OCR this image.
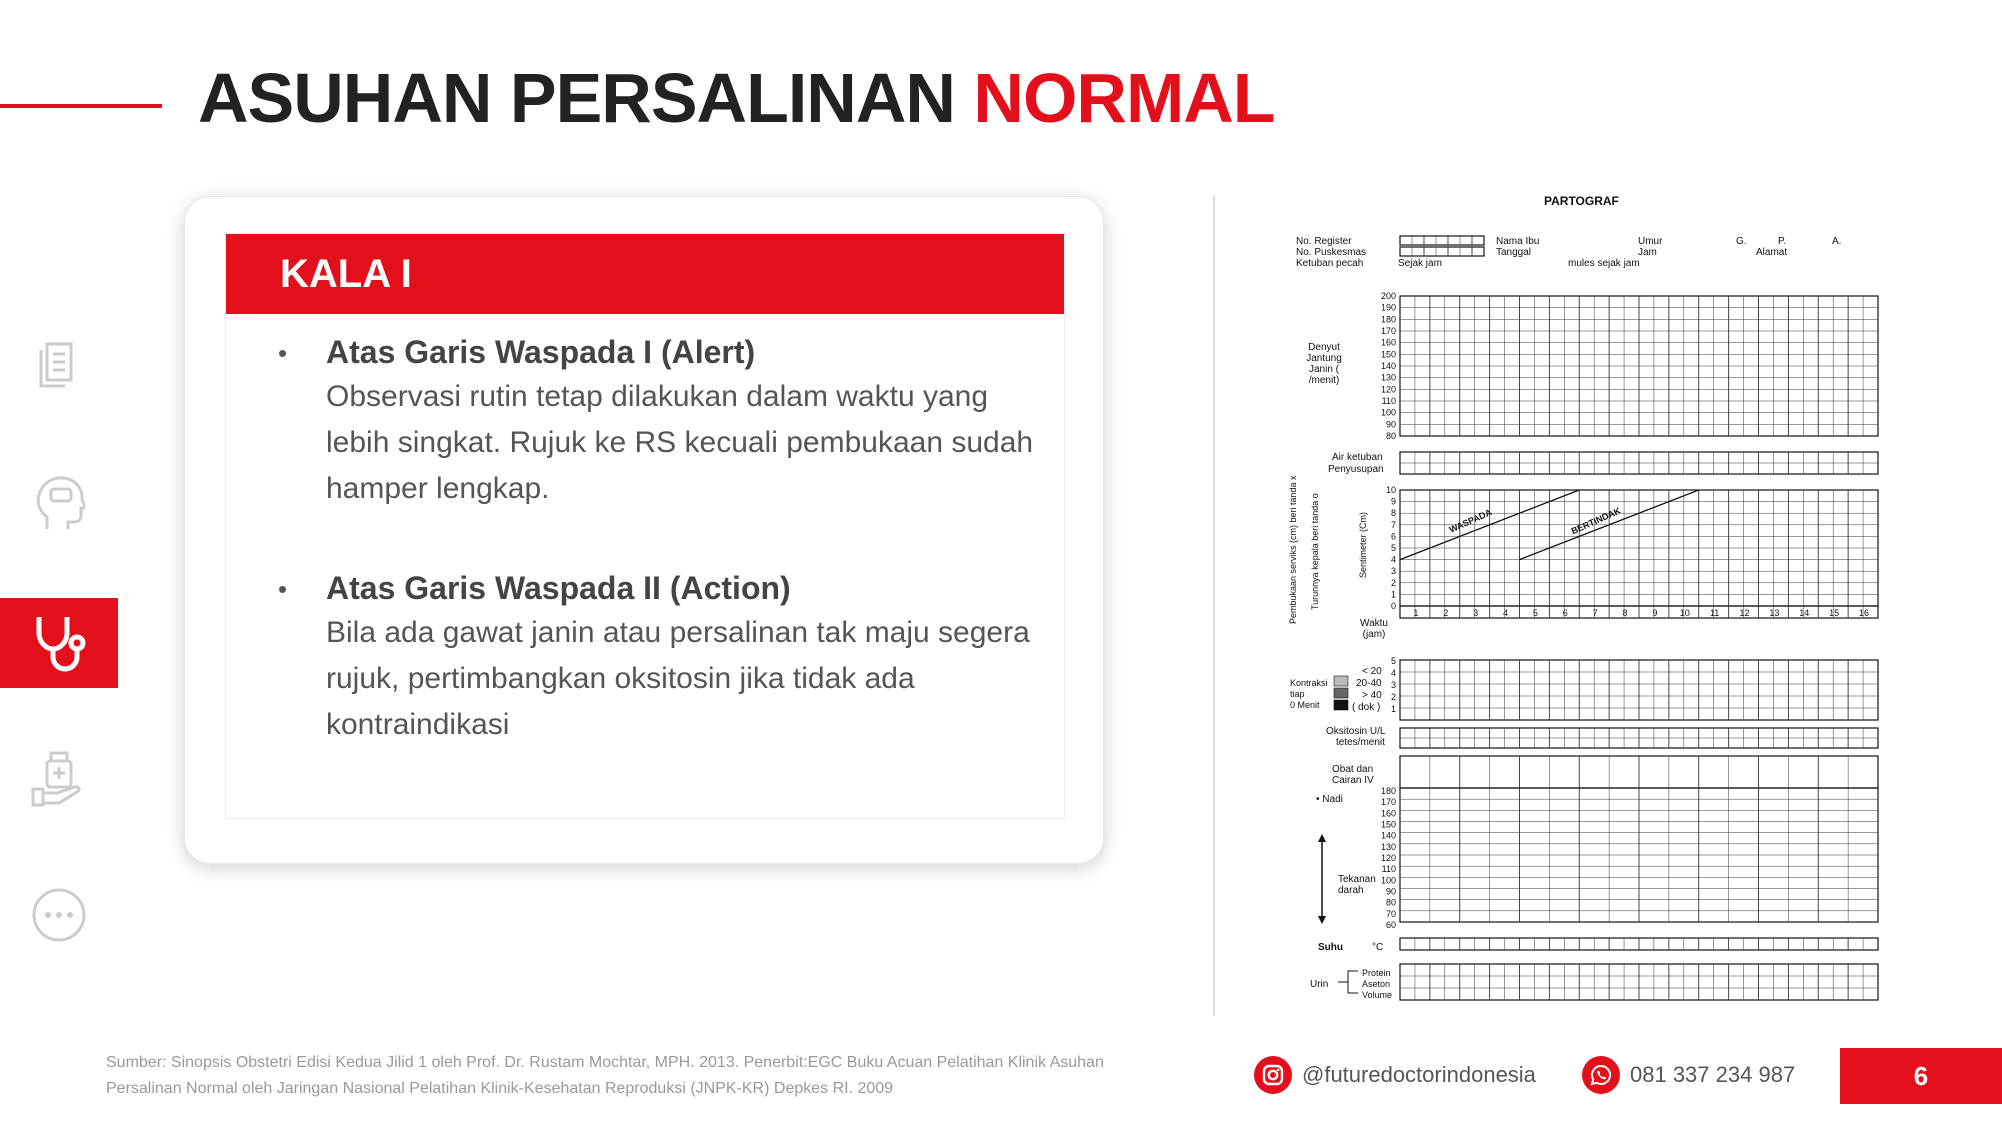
ASUHAN PERSALINAN NORMAL
KALA I
• Atas Garis Waspada I (Alert)
Observasi rutin tetap dilakukan dalam waktu yang lebih singkat. Rujuk ke RS kecuali pembukaan sudah hamper lengkap.
• Atas Garis Waspada II (Action)
Bila ada gawat janin atau persalinan tak maju segera rujuk, pertimbangkan oksitosin jika tidak ada kontraindikasi
PARTOGRAF
No. Register
No. Puskesmas
Ketuban pecah
Nama Ibu
Tanggal
Sejak jam	mules sejak jam
Umur
Jam
G.	P.	A.
Alamat
Denyut Jantung Janin ( /menit)
Air ketuban
Penyusupan
Pembukaan serviks (cm) beri tanda x Turunnya kepala beri tanda o	Sentimeter (Cm)
Waktu (jam)
Kontraksi
tiap
0 Menit
< 20
20-40
> 40
( dok )
Oksitosin U/L
tetes/menit
Obat dan
Cairan IV
• Nadi
Tekanan
darah
Suhu	°C
Urin
Protein
Aseton
Volume
200
190
180
170
160
150
140
130
120
110
100
90
80
10
9
8
7
6
5
4
3
2
1
0
1	2	3	4	5	6	7	8	9 10 11 12 13 14 15 16
WASPADA	BERTINDAK
5
4
3
2
1
180
170
160
150
140
130
120
110
100
90
80
70
60
Sumber: Sinopsis Obstetri Edisi Kedua Jilid 1 oleh Prof. Dr. Rustam Mochtar, MPH. 2013. Penerbit:EGC Buku Acuan Pelatihan Klinik Asuhan
Persalinan Normal oleh Jaringan Nasional Pelatihan Klinik-Kesehatan Reproduksi (JNPK-KR) Depkes RI. 2009
@futuredoctorindonesia	081 337 234 987	6
